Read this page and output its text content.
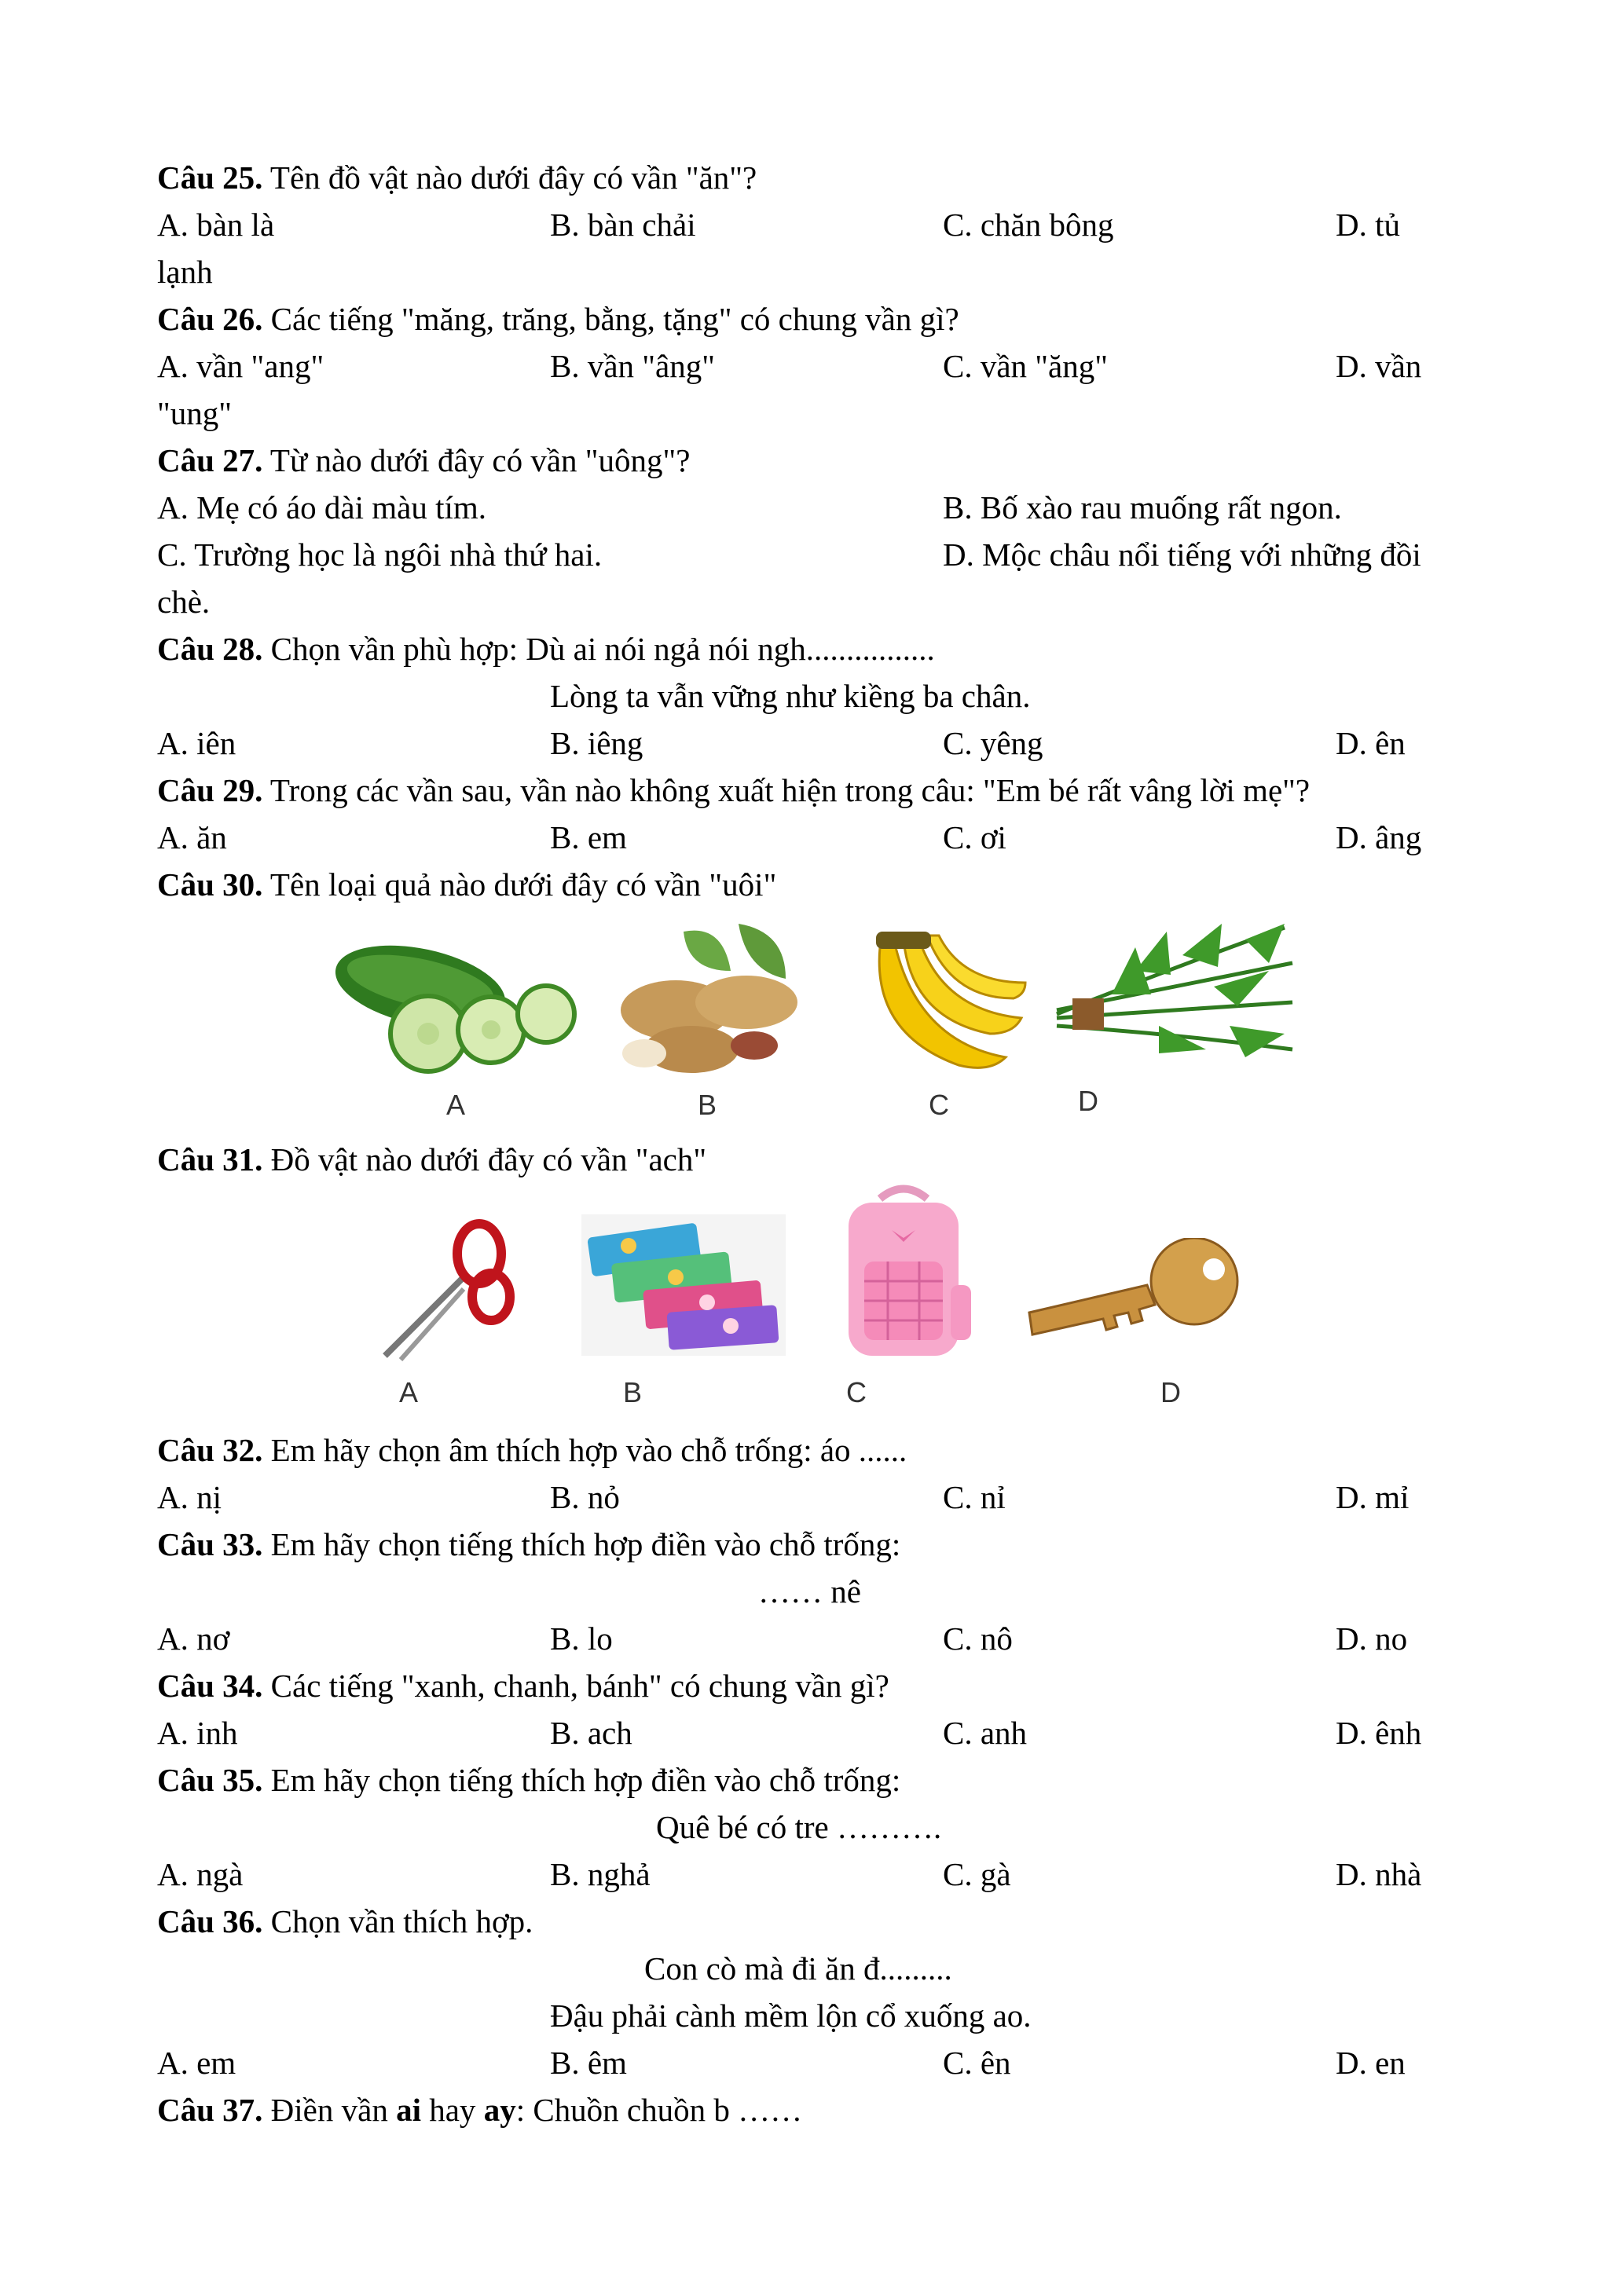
Câu 25. Tên đồ vật nào dưới đây có vần "ăn"?
A. bàn là	B. bàn chải	C. chăn bông	D. tủ
lạnh
Câu 26. Các tiếng "măng, trăng, bằng, tặng" có chung vần gì?
A. vần "ang"	B. vần "âng"	C. vần "ăng"	D. vần
"ung"
Câu 27. Từ nào dưới đây có vần "uông"?
A. Mẹ có áo dài màu tím.	B. Bố xào rau muống rất ngon.
C. Trường học là ngôi nhà thứ hai.	D. Mộc châu nổi tiếng với những đồi
chè.
Câu 28. Chọn vần phù hợp: Dù ai nói ngả nói ngh................
Lòng ta vẫn vững như kiềng ba chân.
A. iên	B. iêng	C. yêng	D. ên
Câu 29. Trong các vần sau, vần nào không xuất hiện trong câu: "Em bé rất vâng lời mẹ"?
A. ăn	B. em	C. ơi	D. âng
Câu 30. Tên loại quả nào dưới đây có vần "uôi"
A	B	C	D
Câu 31. Đồ vật nào dưới đây có vần "ach"
A	B	C	D
Câu 32. Em hãy chọn âm thích hợp vào chỗ trống: áo ......
A. nị	B. nỏ	C. nỉ	D. mỉ
Câu 33. Em hãy chọn tiếng thích hợp điền vào chỗ trống:
…… nê
A. nơ	B. lo	C. nô	D. no
Câu 34. Các tiếng "xanh, chanh, bánh" có chung vần gì?
A. inh	B. ach	C. anh	D. ênh
Câu 35. Em hãy chọn tiếng thích hợp điền vào chỗ trống:
Quê bé có tre ……….
A. ngà	B. nghả	C. gà	D. nhà
Câu 36. Chọn vần thích hợp.
Con cò mà đi ăn đ.........
Đậu phải cành mềm lộn cổ xuống ao.
A. em	B. êm	C. ên	D. en
Câu 37. Điền vần ai hay ay: Chuồn chuồn b ……
